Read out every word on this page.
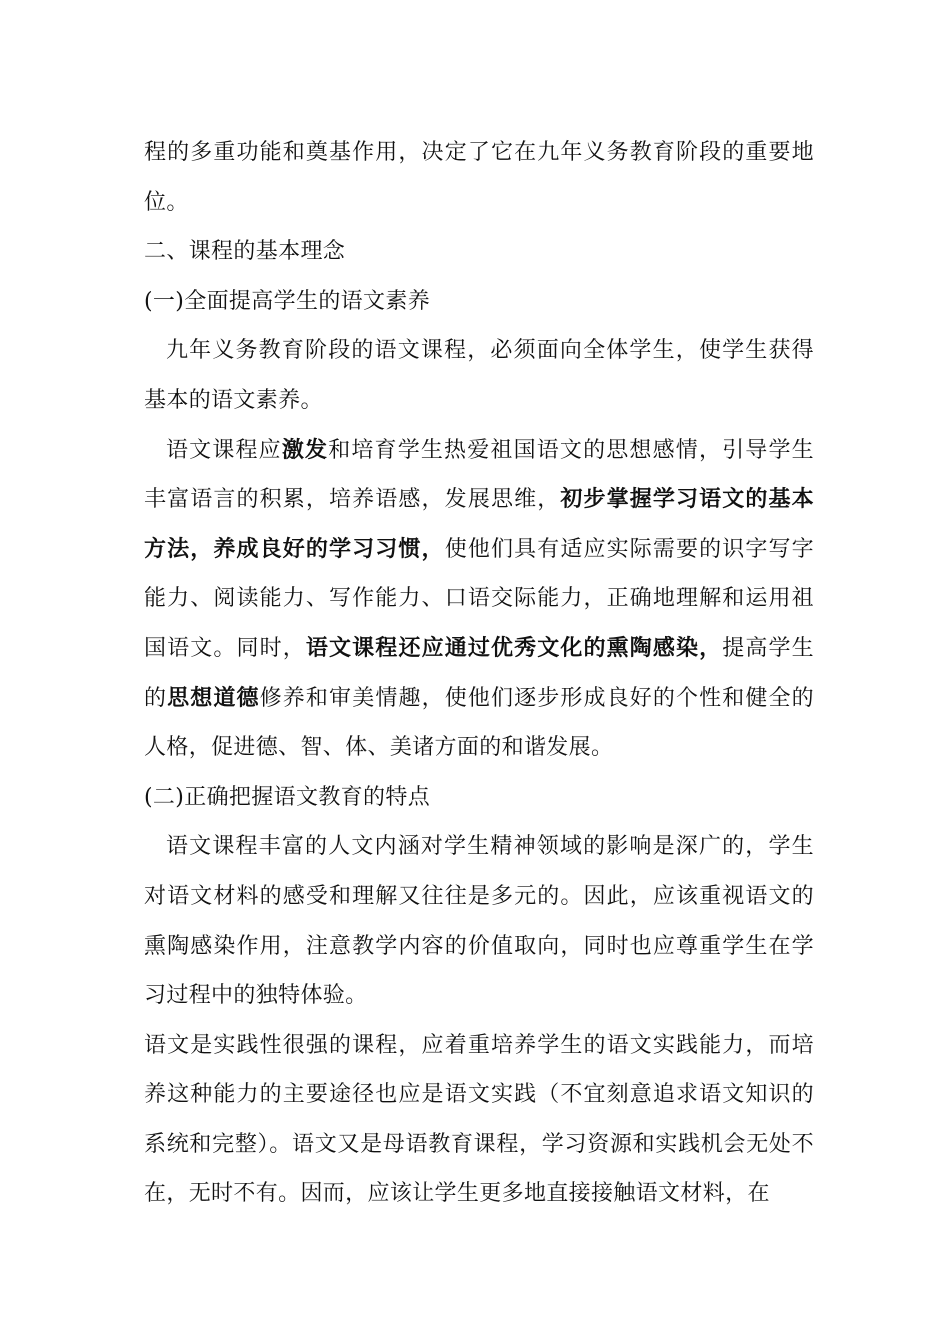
程的多重功能和奠基作用，决定了它在九年义务教育阶段的重要地位。

二、课程的基本理念

(一)全面提高学生的语文素养

九年义务教育阶段的语文课程，必须面向全体学生，使学生获得基本的语文素养。

语文课程应激发和培育学生热爱祖国语文的思想感情，引导学生丰富语言的积累，培养语感，发展思维，初步掌握学习语文的基本方法，养成良好的学习习惯，使他们具有适应实际需要的识字写字能力、阅读能力、写作能力、口语交际能力，正确地理解和运用祖国语文。同时，语文课程还应通过优秀文化的熏陶感染，提高学生的思想道德修养和审美情趣，使他们逐步形成良好的个性和健全的人格，促进德、智、体、美诸方面的和谐发展。

(二)正确把握语文教育的特点

语文课程丰富的人文内涵对学生精神领域的影响是深广的，学生对语文材料的感受和理解又往往是多元的。因此，应该重视语文的熏陶感染作用，注意教学内容的价值取向，同时也应尊重学生在学习过程中的独特体验。

语文是实践性很强的课程，应着重培养学生的语文实践能力，而培养这种能力的主要途径也应是语文实践（不宜刻意追求语文知识的系统和完整）。语文又是母语教育课程，学习资源和实践机会无处不在，无时不有。因而，应该让学生更多地直接接触语文材料，在
